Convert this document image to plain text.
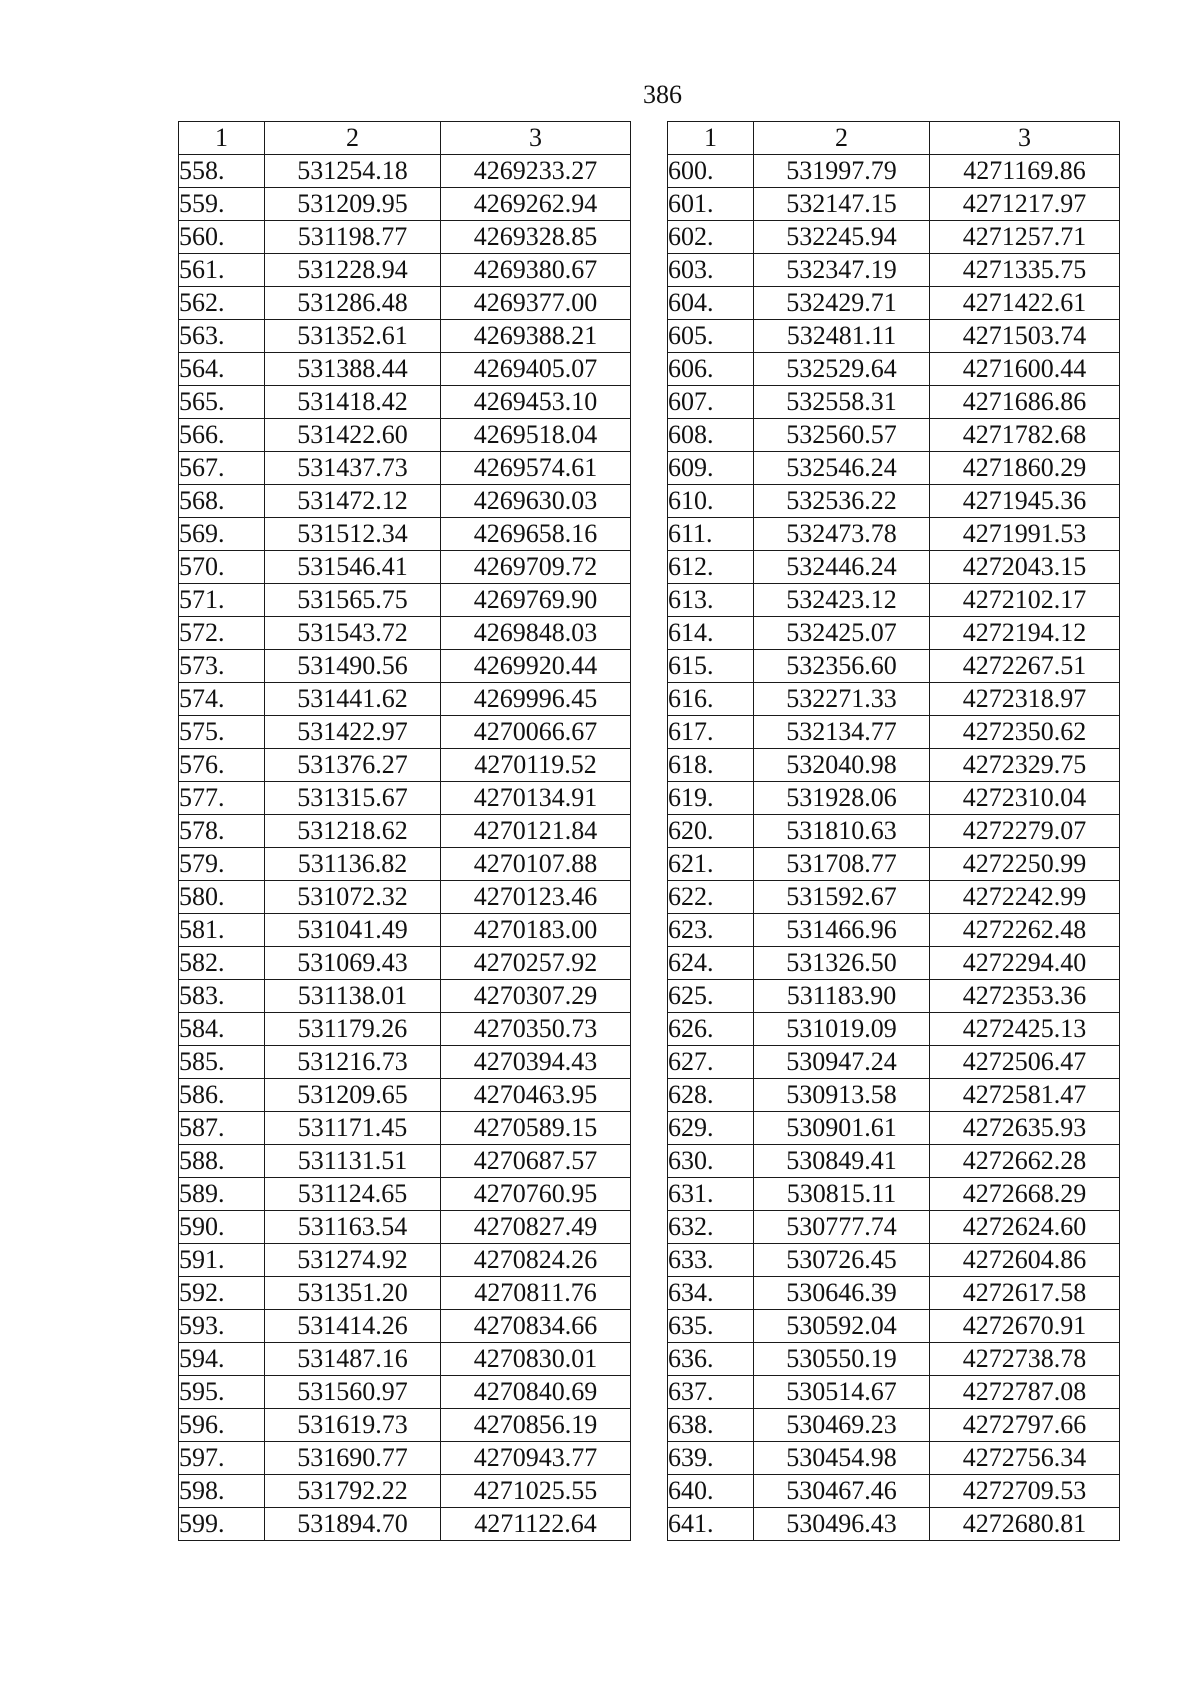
386
1	2	3
558.	531254.18	4269233.27
559.	531209.95	4269262.94
560.	531198.77	4269328.85
561.	531228.94	4269380.67
562.	531286.48	4269377.00
563.	531352.61	4269388.21
564.	531388.44	4269405.07
565.	531418.42	4269453.10
566.	531422.60	4269518.04
567.	531437.73	4269574.61
568.	531472.12	4269630.03
569.	531512.34	4269658.16
570.	531546.41	4269709.72
571.	531565.75	4269769.90
572.	531543.72	4269848.03
573.	531490.56	4269920.44
574.	531441.62	4269996.45
575.	531422.97	4270066.67
576.	531376.27	4270119.52
577.	531315.67	4270134.91
578.	531218.62	4270121.84
579.	531136.82	4270107.88
580.	531072.32	4270123.46
581.	531041.49	4270183.00
582.	531069.43	4270257.92
583.	531138.01	4270307.29
584.	531179.26	4270350.73
585.	531216.73	4270394.43
586.	531209.65	4270463.95
587.	531171.45	4270589.15
588.	531131.51	4270687.57
589.	531124.65	4270760.95
590.	531163.54	4270827.49
591.	531274.92	4270824.26
592.	531351.20	4270811.76
593.	531414.26	4270834.66
594.	531487.16	4270830.01
595.	531560.97	4270840.69
596.	531619.73	4270856.19
597.	531690.77	4270943.77
598.	531792.22	4271025.55
599.	531894.70	4271122.64
1	2	3
600.	531997.79	4271169.86
601.	532147.15	4271217.97
602.	532245.94	4271257.71
603.	532347.19	4271335.75
604.	532429.71	4271422.61
605.	532481.11	4271503.74
606.	532529.64	4271600.44
607.	532558.31	4271686.86
608.	532560.57	4271782.68
609.	532546.24	4271860.29
610.	532536.22	4271945.36
611.	532473.78	4271991.53
612.	532446.24	4272043.15
613.	532423.12	4272102.17
614.	532425.07	4272194.12
615.	532356.60	4272267.51
616.	532271.33	4272318.97
617.	532134.77	4272350.62
618.	532040.98	4272329.75
619.	531928.06	4272310.04
620.	531810.63	4272279.07
621.	531708.77	4272250.99
622.	531592.67	4272242.99
623.	531466.96	4272262.48
624.	531326.50	4272294.40
625.	531183.90	4272353.36
626.	531019.09	4272425.13
627.	530947.24	4272506.47
628.	530913.58	4272581.47
629.	530901.61	4272635.93
630.	530849.41	4272662.28
631.	530815.11	4272668.29
632.	530777.74	4272624.60
633.	530726.45	4272604.86
634.	530646.39	4272617.58
635.	530592.04	4272670.91
636.	530550.19	4272738.78
637.	530514.67	4272787.08
638.	530469.23	4272797.66
639.	530454.98	4272756.34
640.	530467.46	4272709.53
641.	530496.43	4272680.81
